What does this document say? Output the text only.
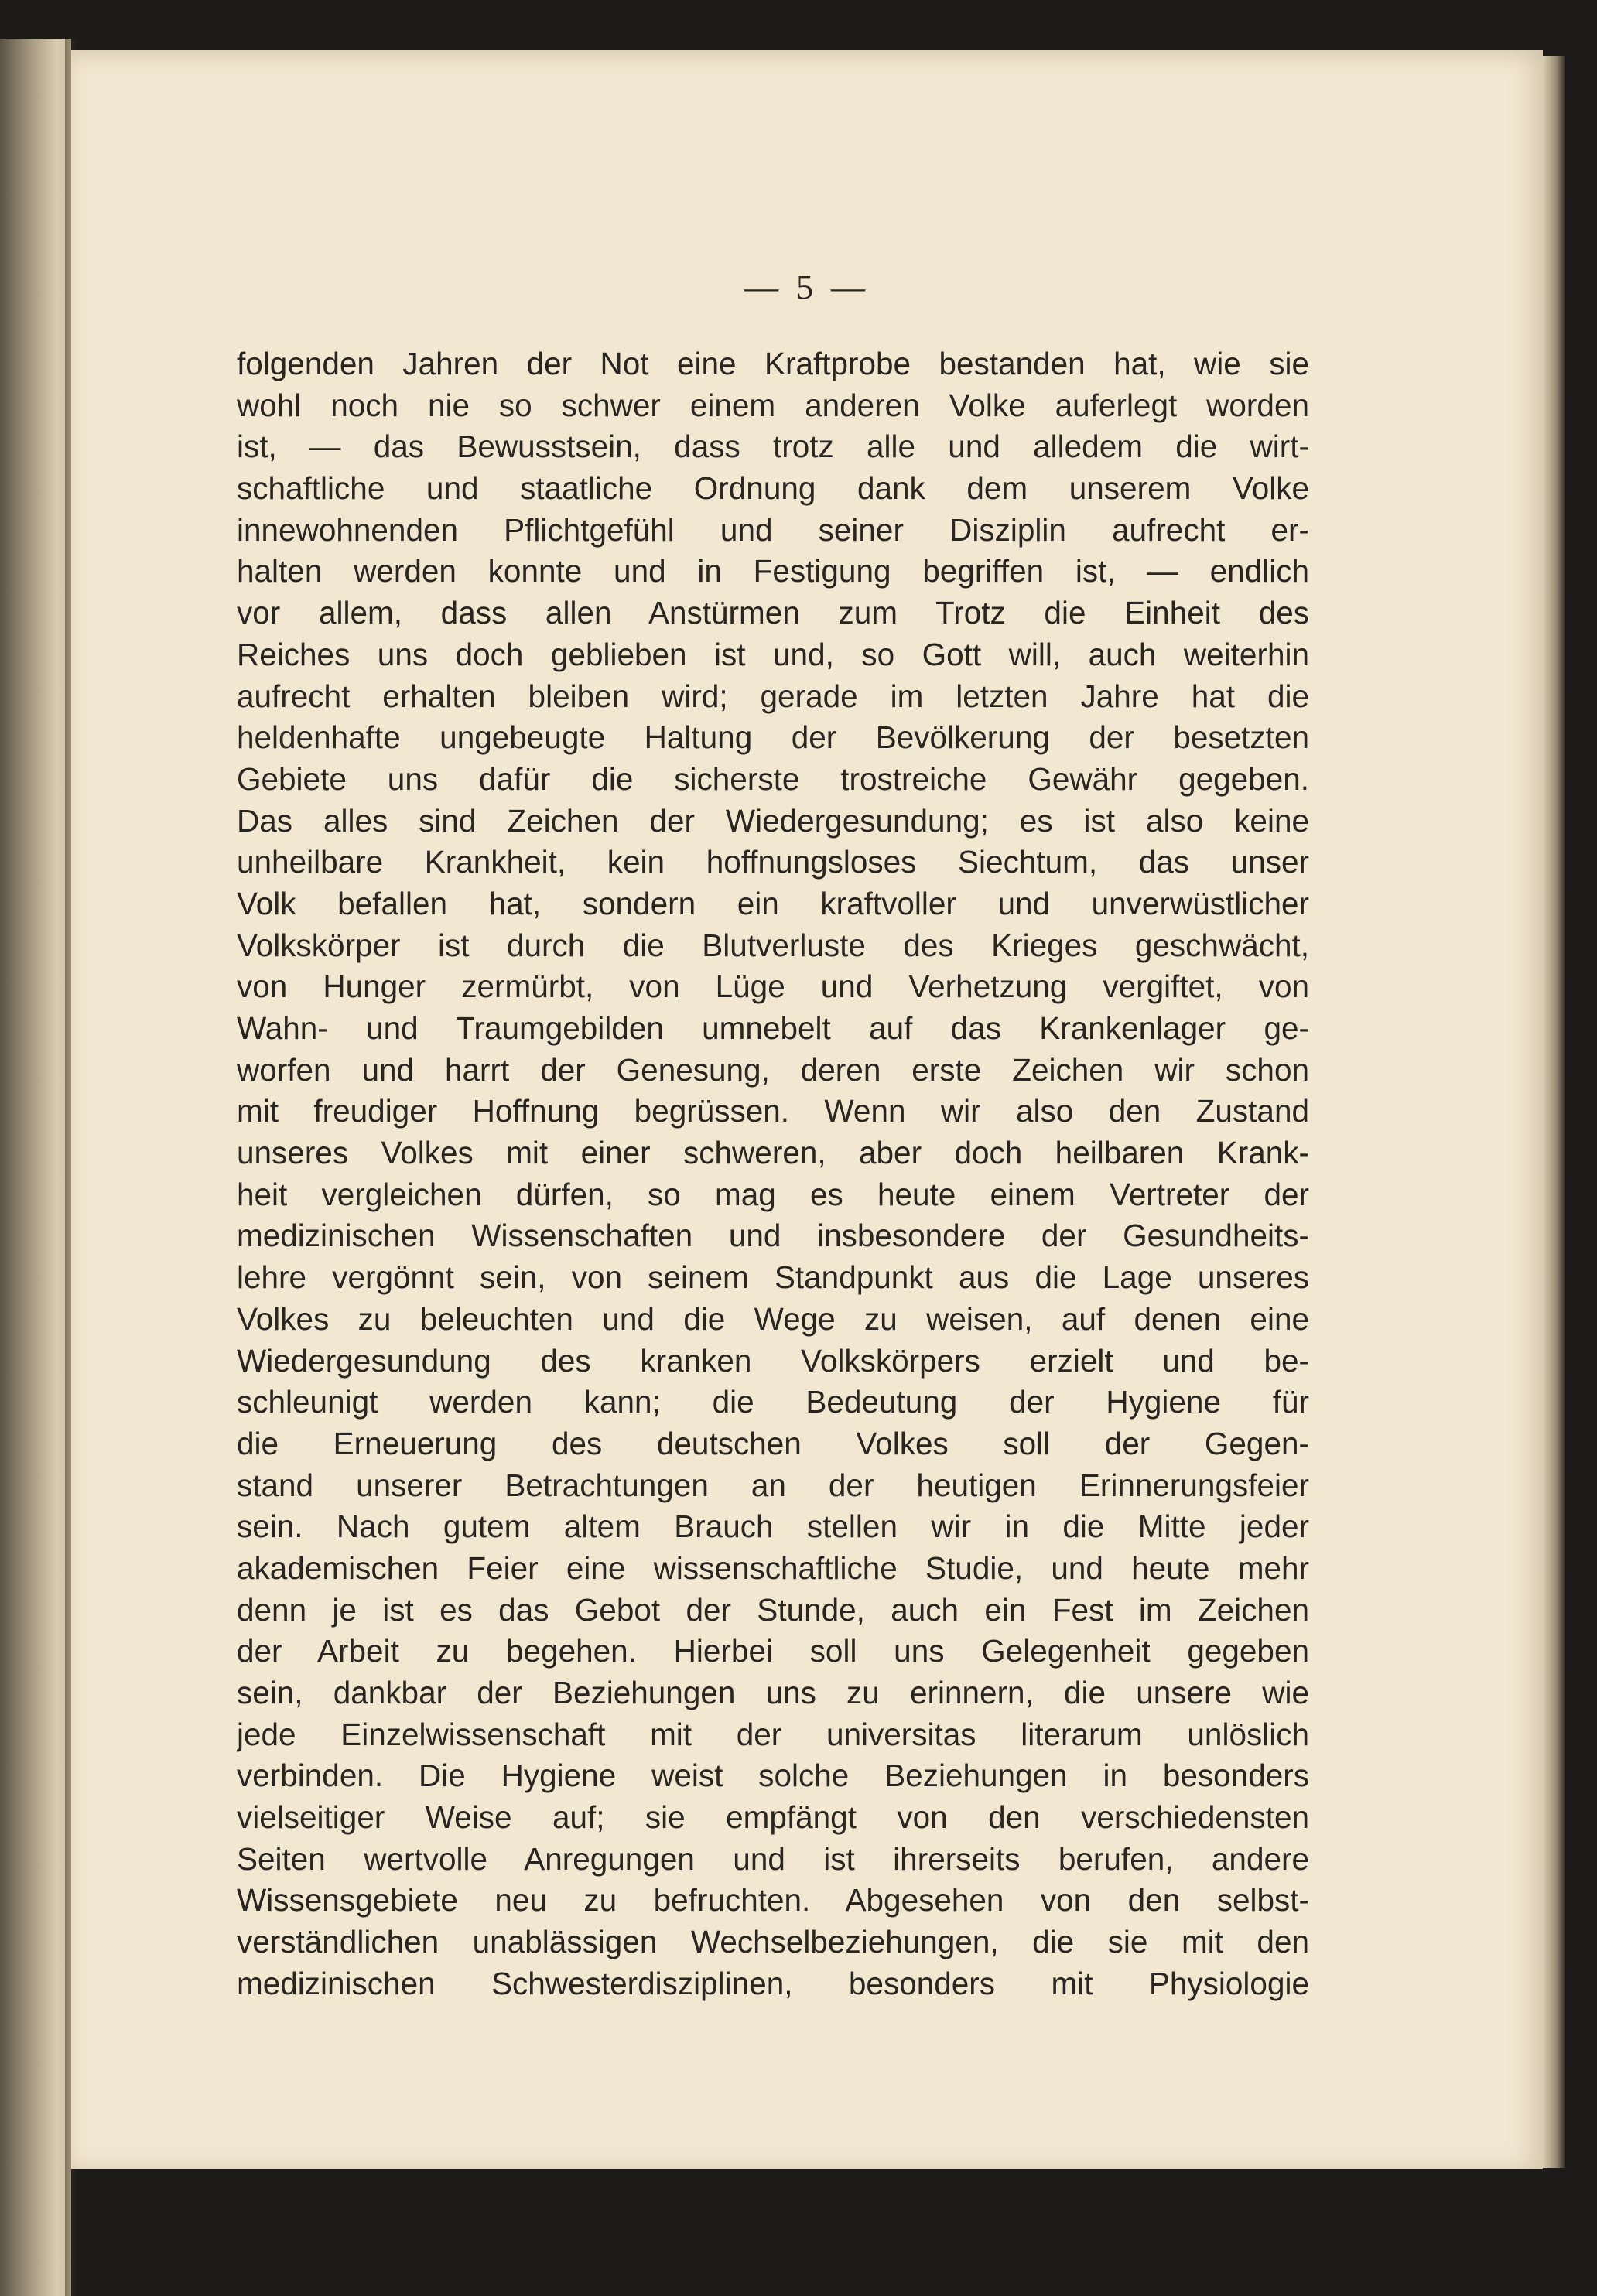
— 5 —
folgenden Jahren der Not eine Kraftprobe bestanden hat, wie sie
wohl noch nie so schwer einem anderen Volke auferlegt worden
ist, — das Bewusstsein, dass trotz alle und alledem die wirt-
schaftliche und staatliche Ordnung dank dem unserem Volke
innewohnenden Pflichtgefühl und seiner Disziplin aufrecht er-
halten werden konnte und in Festigung begriffen ist, — endlich
vor allem, dass allen Anstürmen zum Trotz die Einheit des
Reiches uns doch geblieben ist und, so Gott will, auch weiterhin
aufrecht erhalten bleiben wird; gerade im letzten Jahre hat die
heldenhafte ungebeugte Haltung der Bevölkerung der besetzten
Gebiete uns dafür die sicherste trostreiche Gewähr gegeben.
Das alles sind Zeichen der Wiedergesundung; es ist also keine
unheilbare Krankheit, kein hoffnungsloses Siechtum, das unser
Volk befallen hat, sondern ein kraftvoller und unverwüstlicher
Volkskörper ist durch die Blutverluste des Krieges geschwächt,
von Hunger zermürbt, von Lüge und Verhetzung vergiftet, von
Wahn- und Traumgebilden umnebelt auf das Krankenlager ge-
worfen und harrt der Genesung, deren erste Zeichen wir schon
mit freudiger Hoffnung begrüssen. Wenn wir also den Zustand
unseres Volkes mit einer schweren, aber doch heilbaren Krank-
heit vergleichen dürfen, so mag es heute einem Vertreter der
medizinischen Wissenschaften und insbesondere der Gesundheits-
lehre vergönnt sein, von seinem Standpunkt aus die Lage unseres
Volkes zu beleuchten und die Wege zu weisen, auf denen eine
Wiedergesundung des kranken Volkskörpers erzielt und be-
schleunigt werden kann; die Bedeutung der Hygiene für
die Erneuerung des deutschen Volkes soll der Gegen-
stand unserer Betrachtungen an der heutigen Erinnerungsfeier
sein. Nach gutem altem Brauch stellen wir in die Mitte jeder
akademischen Feier eine wissenschaftliche Studie, und heute mehr
denn je ist es das Gebot der Stunde, auch ein Fest im Zeichen
der Arbeit zu begehen. Hierbei soll uns Gelegenheit gegeben
sein, dankbar der Beziehungen uns zu erinnern, die unsere wie
jede Einzelwissenschaft mit der universitas literarum unlöslich
verbinden. Die Hygiene weist solche Beziehungen in besonders
vielseitiger Weise auf; sie empfängt von den verschiedensten
Seiten wertvolle Anregungen und ist ihrerseits berufen, andere
Wissensgebiete neu zu befruchten. Abgesehen von den selbst-
verständlichen unablässigen Wechselbeziehungen, die sie mit den
medizinischen Schwesterdisziplinen, besonders mit Physiologie
